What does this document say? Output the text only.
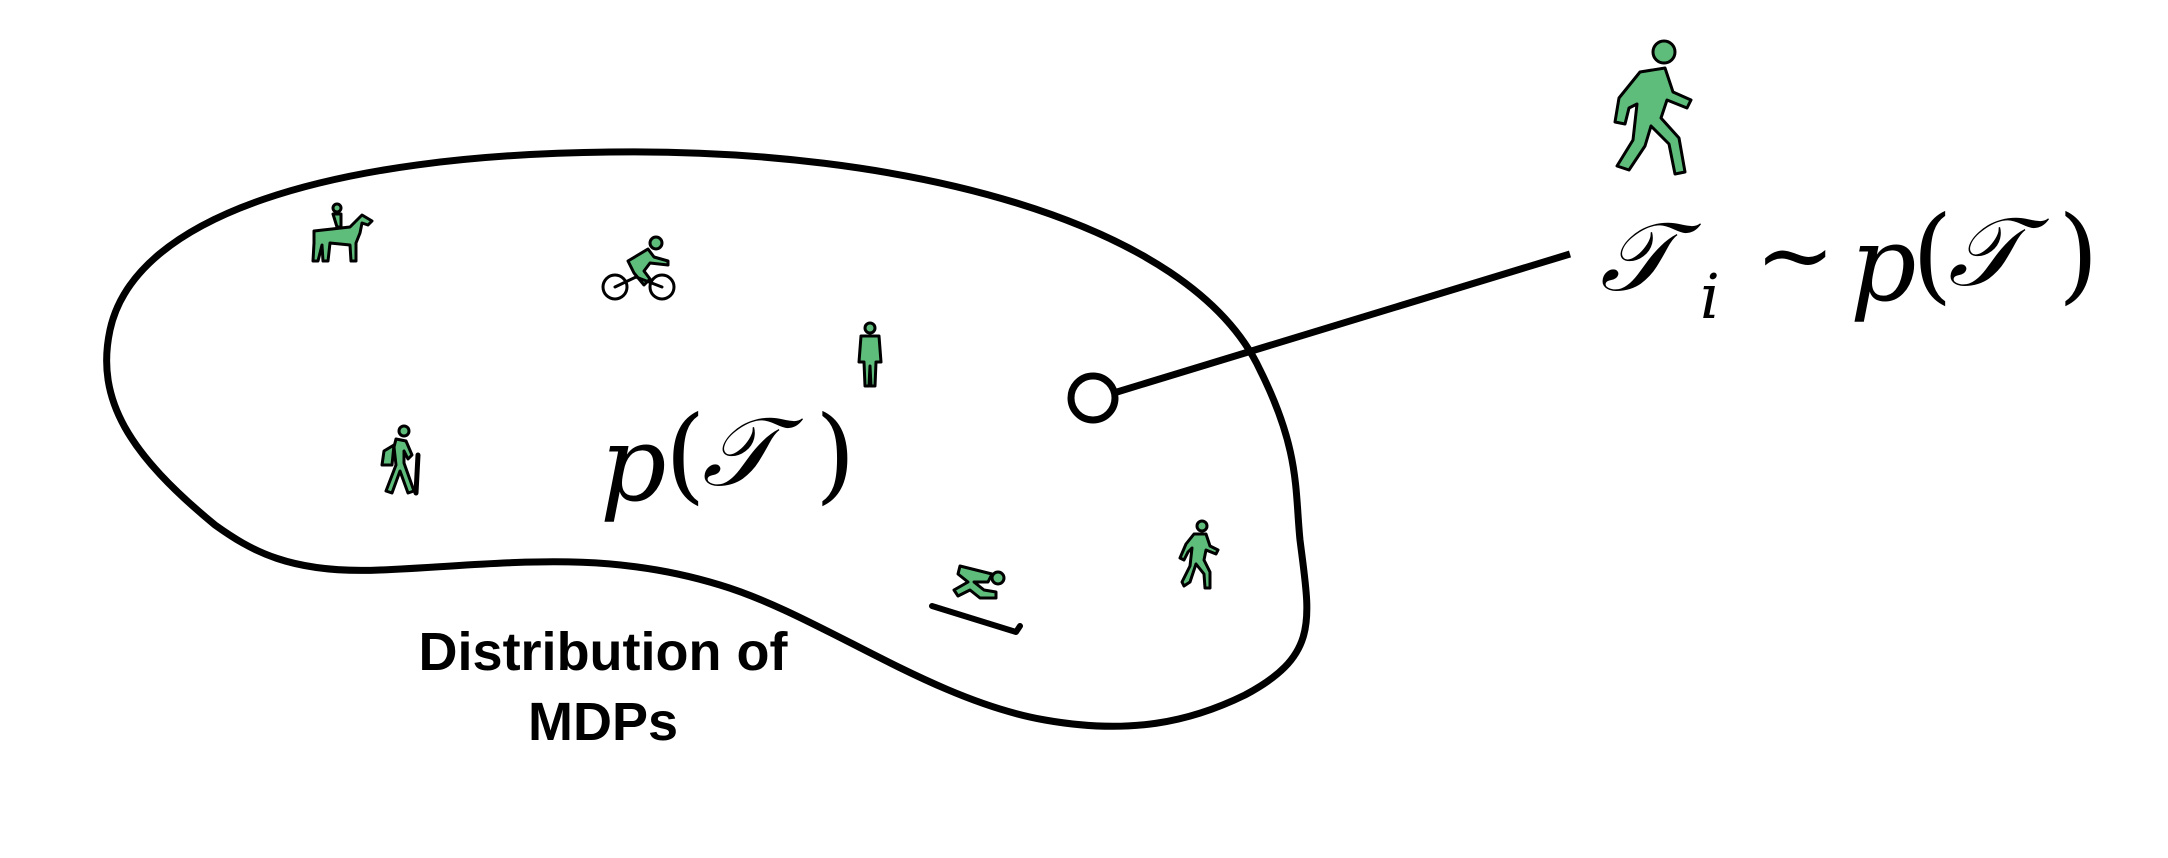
p
(
𝒯 )
𝒯 i ~ p
(
𝒯 )
Distribution of
MDPs
